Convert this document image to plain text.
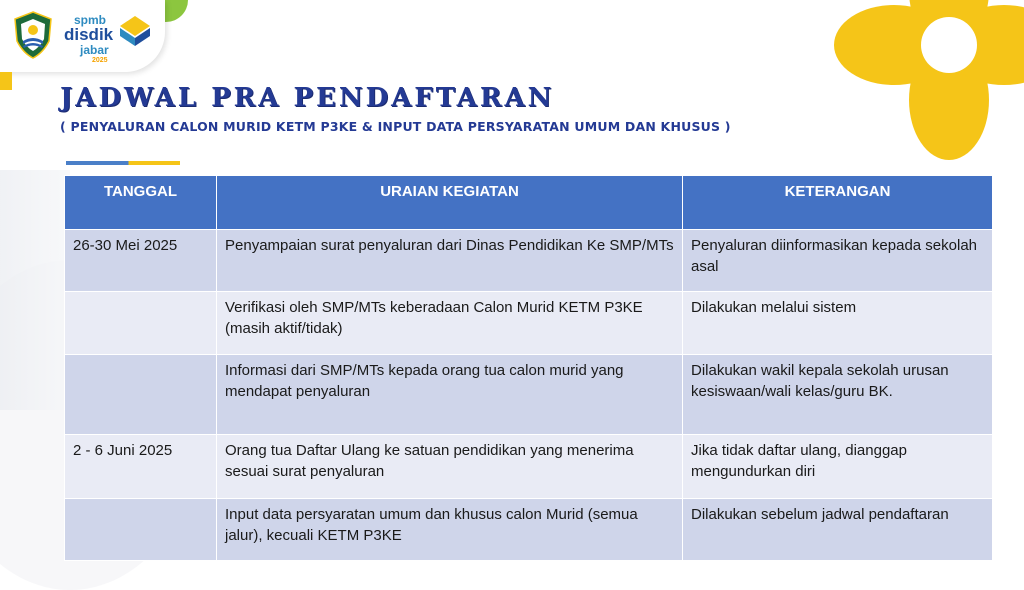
spmb
disdik
jabar
2025
JADWAL PRA PENDAFTARAN

( PENYALURAN CALON MURID KETM P3KE & INPUT DATA PERSYARATAN UMUM DAN KHUSUS )

TANGGAL	URAIAN KEGIATAN	KETERANGAN
26-30 Mei 2025	Penyampaian surat penyaluran dari Dinas Pendidikan Ke SMP/MTs	Penyaluran diinformasikan kepada sekolah asal
	Verifikasi oleh SMP/MTs keberadaan Calon Murid KETM P3KE (masih aktif/tidak)	Dilakukan melalui sistem
	Informasi dari SMP/MTs kepada orang tua calon murid yang mendapat penyaluran	Dilakukan wakil kepala sekolah urusan kesiswaan/wali kelas/guru BK.
2 - 6 Juni 2025	Orang tua Daftar Ulang ke satuan pendidikan yang menerima sesuai surat penyaluran	Jika tidak daftar ulang, dianggap mengundurkan diri
	Input data persyaratan umum dan khusus calon Murid (semua jalur), kecuali KETM P3KE	Dilakukan sebelum jadwal pendaftaran
